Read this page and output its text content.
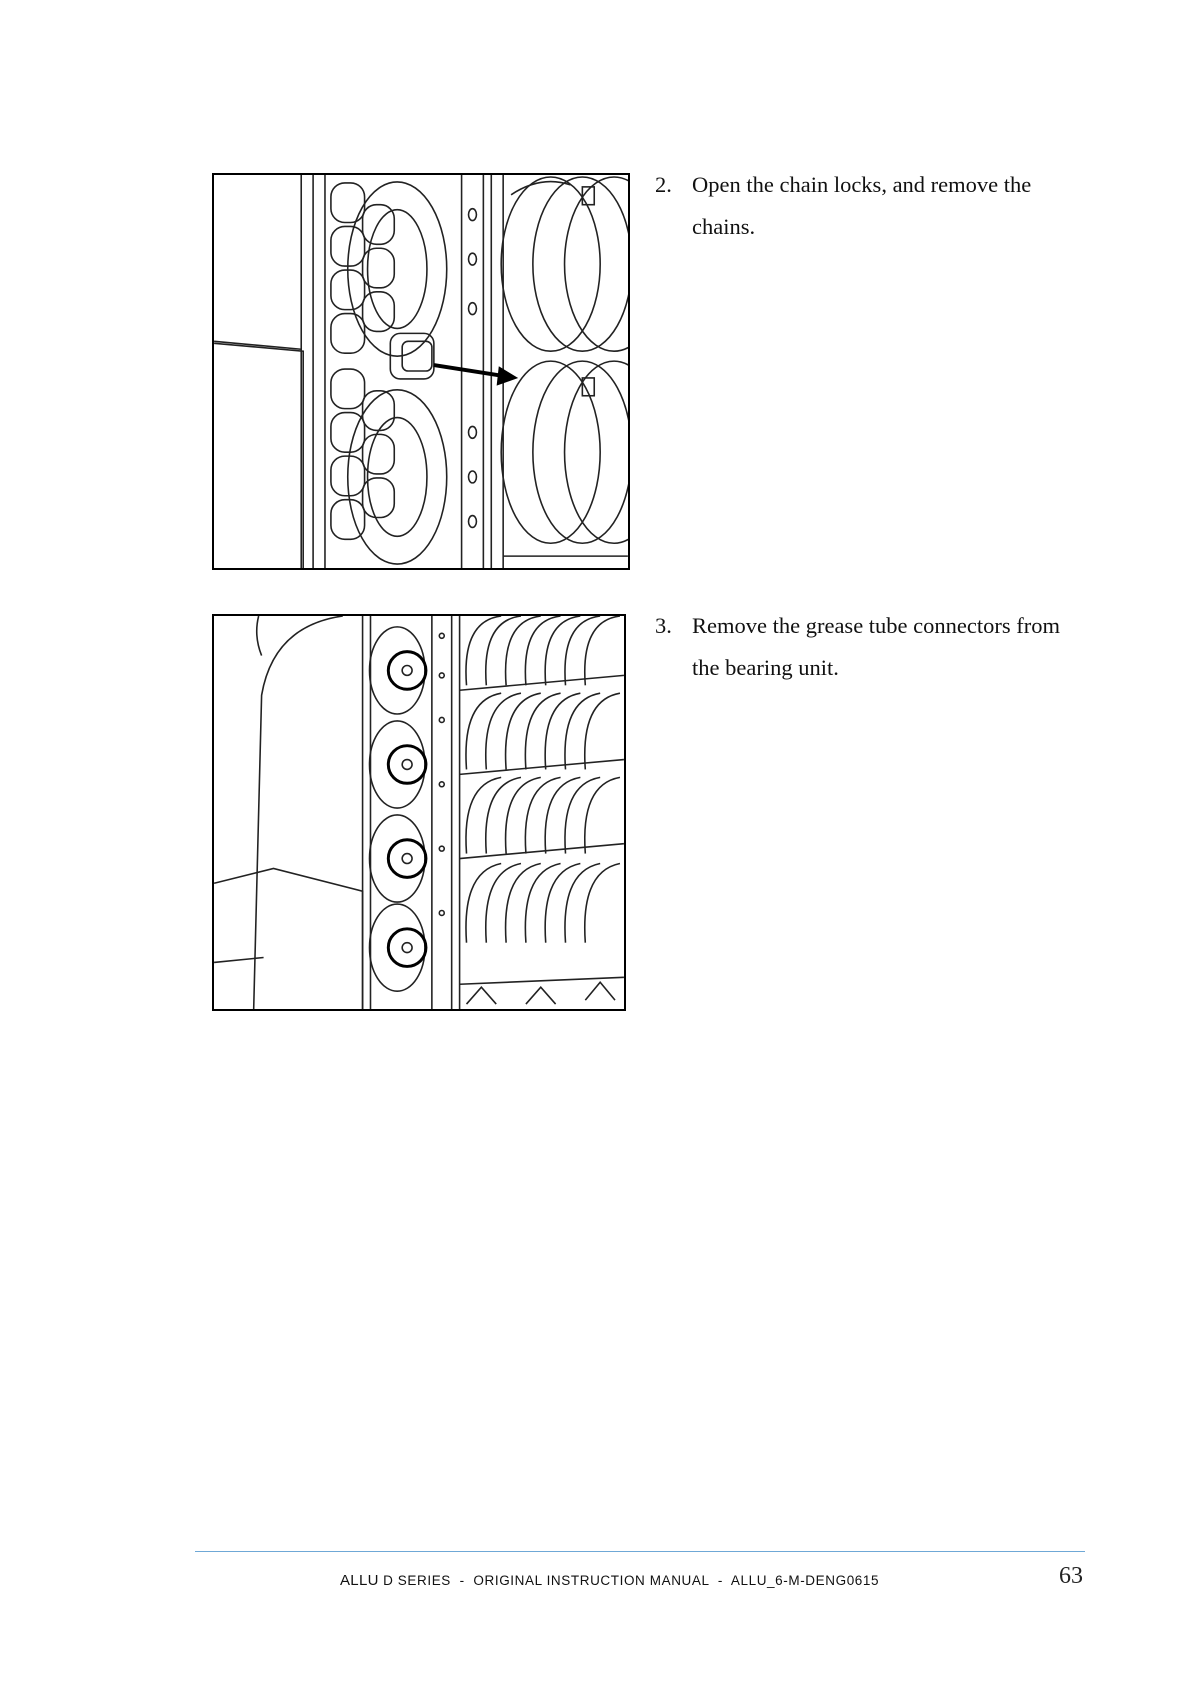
2. Open the chain locks, and remove the chains.
3. Remove the grease tube connectors from the bearing unit.
ALLU D SERIES  -  ORIGINAL INSTRUCTION MANUAL  -  ALLU_6-M-DENG0615	63
